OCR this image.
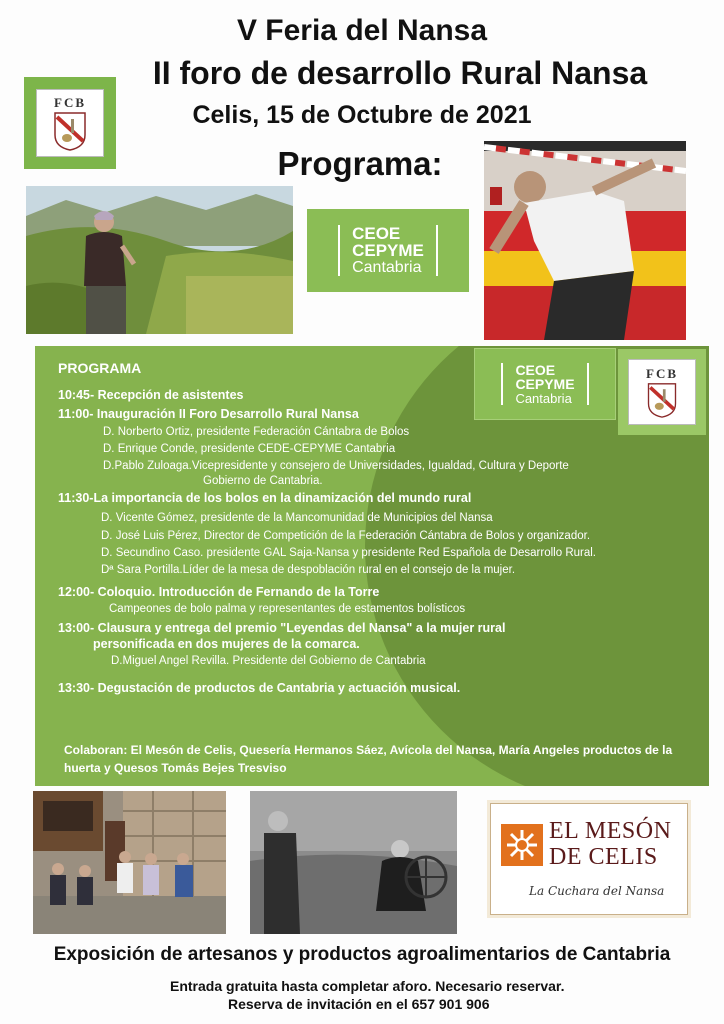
V Feria del Nansa
II foro de desarrollo Rural Nansa
Celis, 15 de Octubre de 2021
Programa:
FCB
CEOE
CEPYME
Cantabria
PROGRAMA
10:45- Recepción de asistentes
11:00- Inauguración II Foro Desarrollo Rural Nansa
D. Norberto Ortiz, presidente Federación Cántabra de Bolos
D. Enrique Conde, presidente CEDE-CEPYME Cantabria
D.Pablo Zuloaga.Vicepresidente y consejero de Universidades, Igualdad, Cultura y Deporte
Gobierno de Cantabria.
11:30-La importancia de los bolos en la dinamización del mundo rural
D. Vicente Gómez, presidente de la Mancomunidad de Municipios del Nansa
D. José Luis Pérez, Director de Competición de la Federación Cántabra de Bolos y organizador.
D. Secundino Caso. presidente GAL Saja-Nansa y presidente Red Española de Desarrollo Rural.
Dª Sara Portilla.Líder de la mesa de despoblación rural en el consejo de la mujer.
12:00- Coloquio. Introducción de Fernando de la Torre
Campeones de bolo palma y representantes de estamentos bolísticos
13:00- Clausura y entrega del premio "Leyendas del Nansa" a la mujer rural
personificada en dos mujeres de la comarca.
D.Miguel Angel Revilla. Presidente del Gobierno de Cantabria
13:30- Degustación de productos de Cantabria y actuación musical.
Colaboran: El Mesón de Celis, Quesería Hermanos Sáez, Avícola del Nansa, María Angeles productos de la
huerta y Quesos Tomás Bejes Tresviso
CEOE
CEPYME
Cantabria
FCB
EL MESÓN
DE CELIS
La Cuchara del Nansa
Exposición de artesanos y productos agroalimentarios de Cantabria
Entrada gratuita hasta completar aforo. Necesario reservar.
Reserva de invitación en el 657 901 906
